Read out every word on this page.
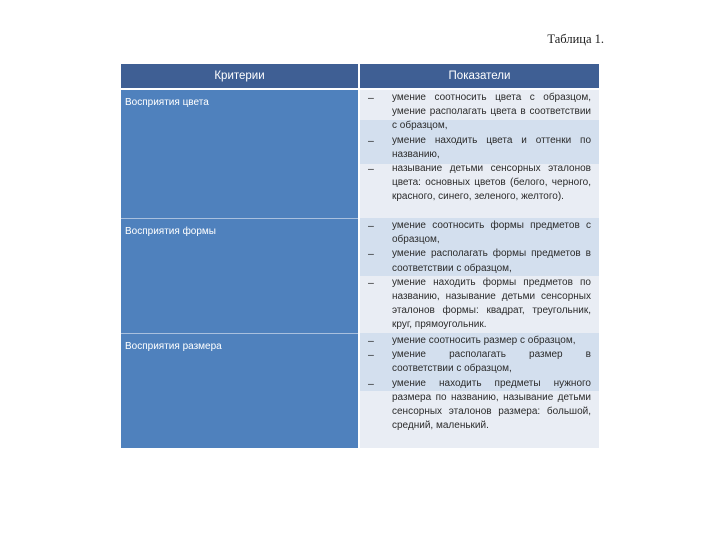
Таблица 1.
Критерии	Показатели
Восприятия цвета
Восприятия формы
Восприятия размера
– умение соотносить цвета с образцом, умение располагать цвета в соответствии с образцом,
– умение находить цвета и оттенки по названию,
– называние детьми сенсорных эталонов цвета: основных цветов (белого, черного, красного, синего, зеленого, желтого).
– умение соотносить формы предметов с образцом,
– умение располагать формы предметов в соответствии с образцом,
– умение находить формы предметов по названию, называние детьми сенсорных эталонов формы: квадрат, треугольник, круг, прямоугольник.
– умение соотносить размер с образцом,
– умение располагать размер в соответствии с образцом,
– умение находить предметы нужного размера по названию, называние детьми сенсорных эталонов размера: большой, средний, маленький.
